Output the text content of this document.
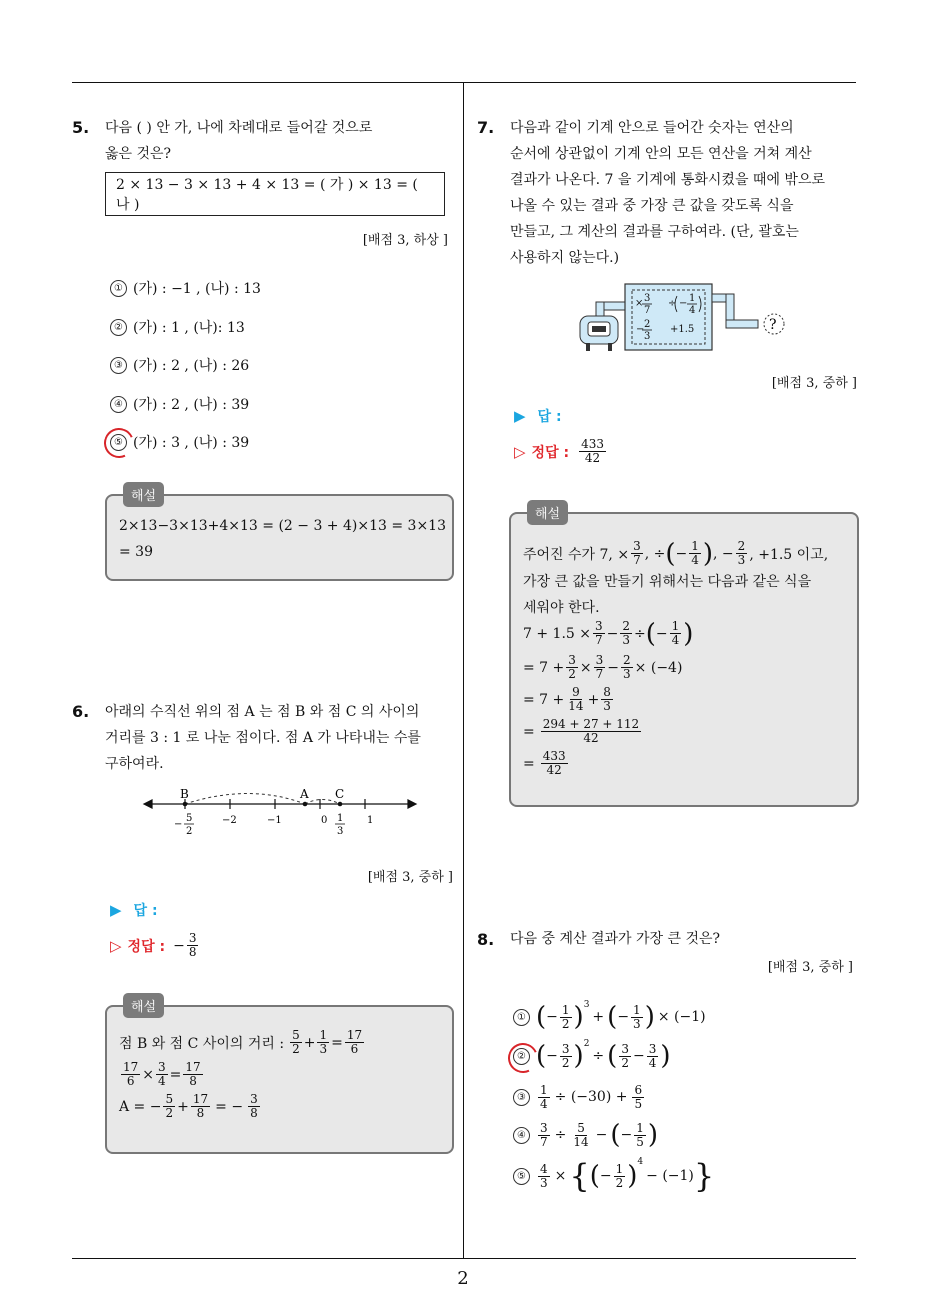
2
5. 다음 ( ) 안 가, 나에 차례대로 들어갈 것으로
옳은 것은?
2 × 13 − 3 × 13 + 4 × 13 = ( 가 ) × 13 = ( 나 )
[배점 3, 하상 ]
① (가) : −1 , (나) : 13
② (가) : 1 , (나): 13
③ (가) : 2 , (나) : 26
④ (가) : 2 , (나) : 39
⑤ (가) : 3 , (나) : 39
해설
2×13−3×13+4×13 = (2 − 3 + 4)×13 = 3×13
= 39
6. 아래의 수직선 위의 점 A 는 점 B 와 점 C 의 사이의
거리를 3 : 1 로 나눈 점이다. 점 A 가 나타내는 수를
구하여라.
B	A C
−
5
2
−2	−1	0 1
3
1
[배점 3, 중하 ]
▶ 답 :
▷ 정답 : − $\frac{3}{8}$
해설
점 B 와 점 C 사이의 거리 : $\frac{5}{2} + \frac{1}{3} = \frac{17}{6}$
$\frac{17}{6} \times \frac{3}{4} = \frac{17}{8}$
A = − $\frac{5}{2} + \frac{17}{8}$ = − $\frac{3}{8}$
7. 다음과 같이 기계 안으로 들어간 숫자는 연산의
순서에 상관없이 기계 안의 모든 연산을 거쳐 계산
결과가 나온다. 7 을 기계에 통화시켰을 때에 밖으로
나올 수 있는 결과 중 가장 큰 값을 갖도록 식을
만들고, 그 계산의 결과를 구하여라. (단, 괄호는
사용하지 않는다.)
?
× 3
7
÷ − 1
4
− 2
3
+1.5
[배점 3, 중하 ]
▶ 답 :
▷ 정답 : $\frac{433}{42}$
해설
주어진 수가 7, × $\frac{3}{7}$ , ÷ ( − $\frac{1}{4}$ ) , − $\frac{2}{3}$ , +1.5 이고,
가장 큰 값을 만들기 위해서는 다음과 같은 식을
세워야 한다.
$7 + 1.5 \times \frac{3}{7} - \frac{2}{3}$ ÷ ( − $\frac{1}{4}$ )
= $7 + \frac{3}{2} \times \frac{3}{7} - \frac{2}{3} \times (-4)$
= $7 + \frac{9}{14} + \frac{8}{3}$
= $\frac{294 + 27 + 112}{42}$
= $\frac{433}{42}$
8. 다음 중 계산 결과가 가장 큰 것은?
[배점 3, 중하 ]
① ( − $\frac{1}{2} )^3$
+ ( − $\frac{1}{3}$ ) × (−1)
② ( − $\frac{3}{2} )^2$
÷ ( $\frac{3}{2} - \frac{3}{4}$ )
③	$\frac{1}{4} \div (-30) + \frac{6}{5}$
④	$\frac{3}{7} \div \frac{5}{14}$ − ( − $\frac{1}{5}$ )
⑤	$\frac{4}{3}$ × { ( − $\frac{1}{2} )^4$
− (−1) }
